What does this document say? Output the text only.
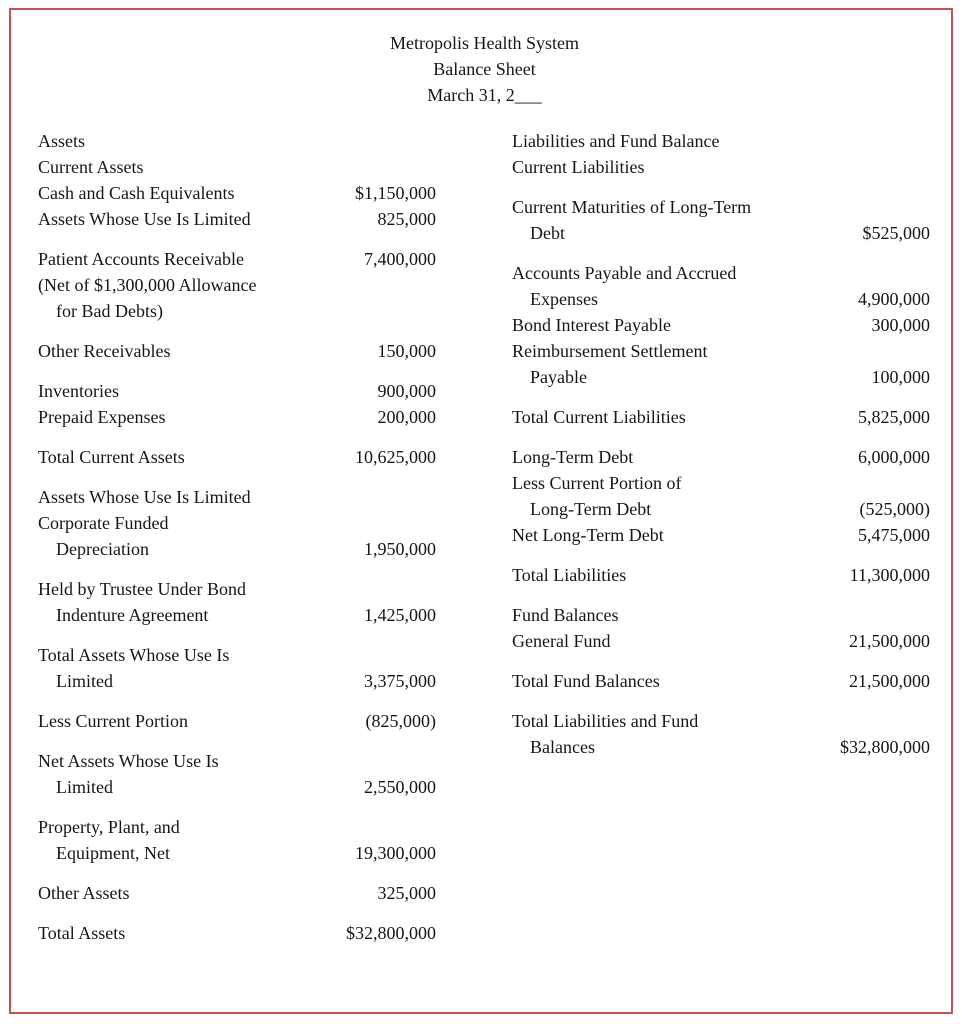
Metropolis Health System
Balance Sheet
March 31, 2___
Assets
Current Assets
Cash and Cash Equivalents	$1,150,000
Assets Whose Use Is Limited	825,000
Patient Accounts Receivable	7,400,000
(Net of $1,300,000 Allowance
for Bad Debts)
Other Receivables	150,000
Inventories	900,000
Prepaid Expenses	200,000
Total Current Assets	10,625,000
Assets Whose Use Is Limited
Corporate Funded
Depreciation	1,950,000
Held by Trustee Under Bond
Indenture Agreement	1,425,000
Total Assets Whose Use Is
Limited	3,375,000
Less Current Portion	(825,000)
Net Assets Whose Use Is
Limited	2,550,000
Property, Plant, and
Equipment, Net	19,300,000
Other Assets	325,000
Total Assets	$32,800,000
Liabilities and Fund Balance
Current Liabilities
Current Maturities of Long-Term
Debt	$525,000
Accounts Payable and Accrued
Expenses	4,900,000
Bond Interest Payable	300,000
Reimbursement Settlement
Payable	100,000
Total Current Liabilities	5,825,000
Long-Term Debt	6,000,000
Less Current Portion of
Long-Term Debt	(525,000)
Net Long-Term Debt	5,475,000
Total Liabilities	11,300,000
Fund Balances
General Fund	21,500,000
Total Fund Balances	21,500,000
Total Liabilities and Fund
Balances	$32,800,000
